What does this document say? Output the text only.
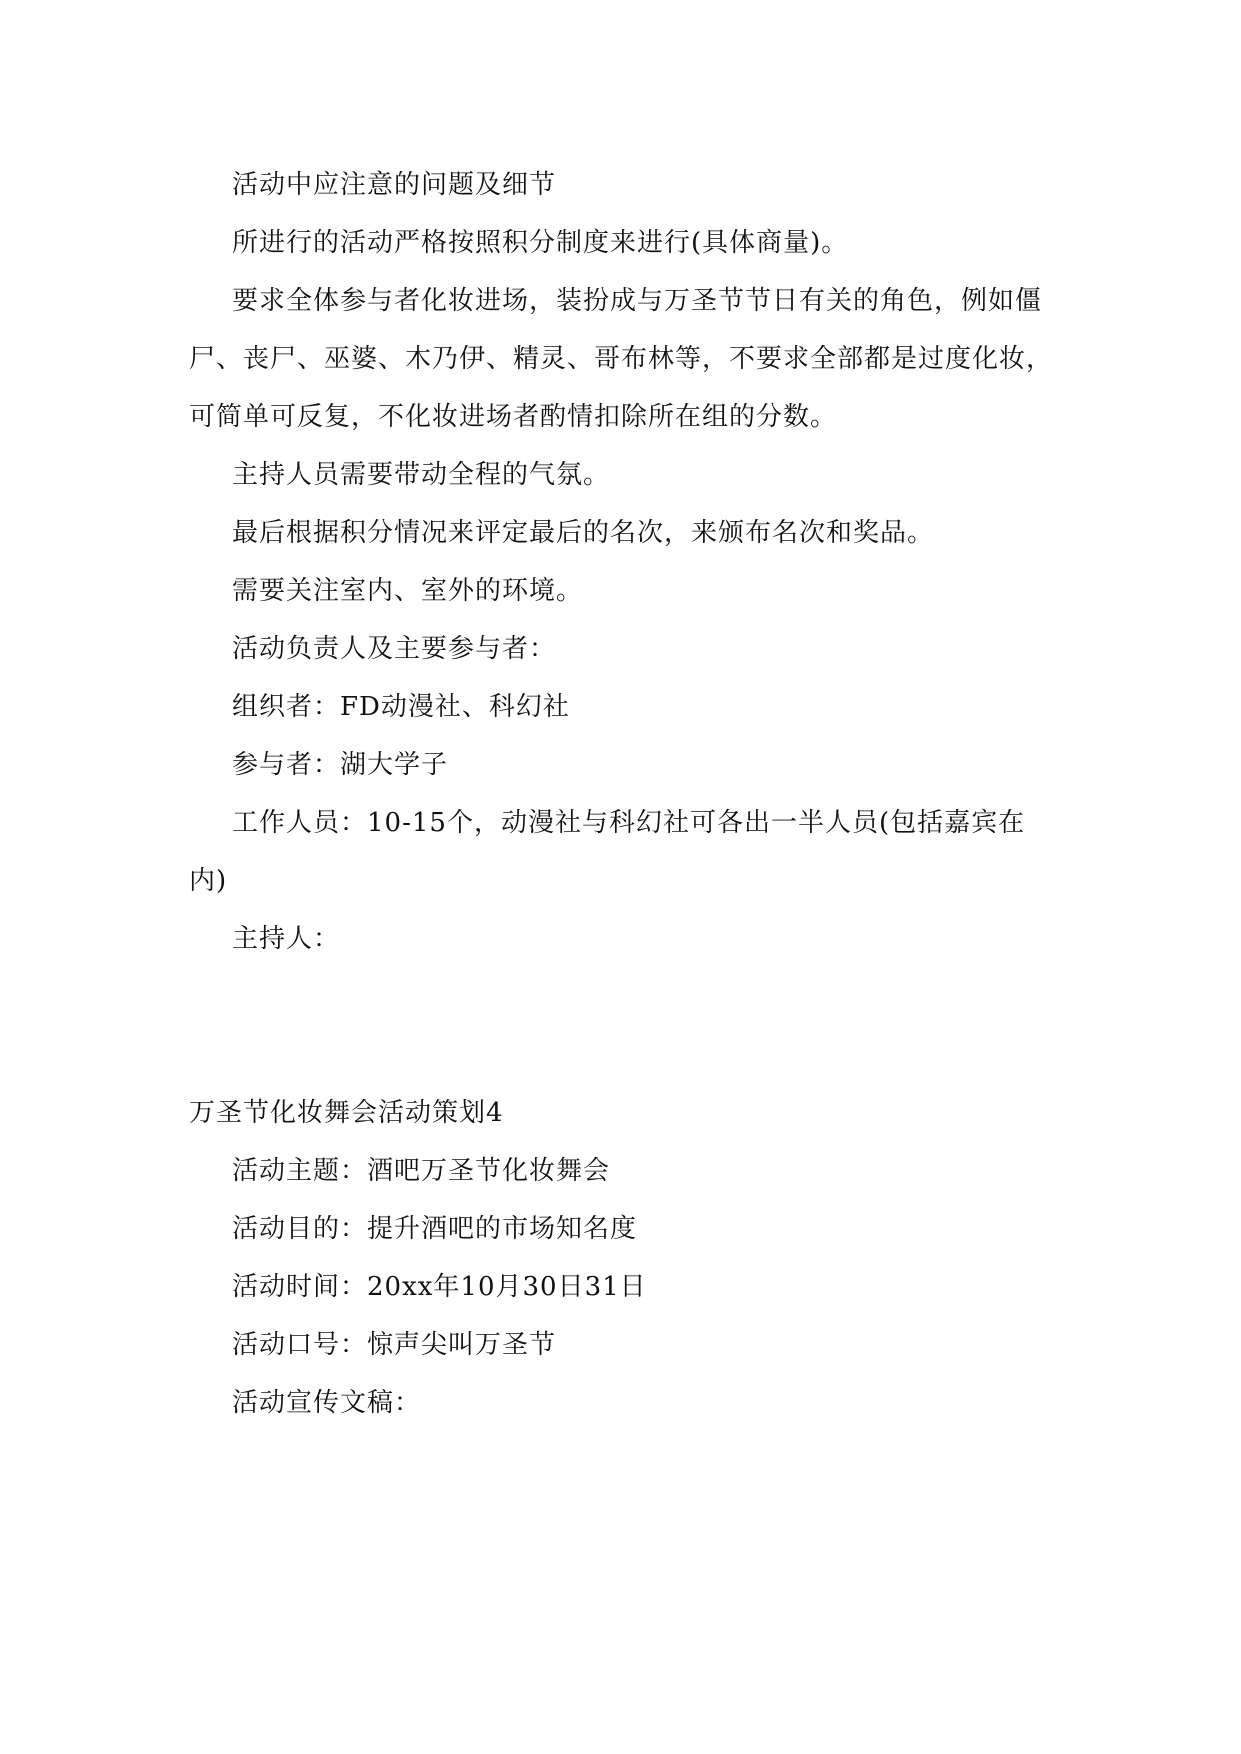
活动中应注意的问题及细节

所进行的活动严格按照积分制度来进行(具体商量)。

要求全体参与者化妆进场，装扮成与万圣节节日有关的角色，例如僵尸、丧尸、巫婆、木乃伊、精灵、哥布林等，不要求全部都是过度化妆，可简单可反复，不化妆进场者酌情扣除所在组的分数。

主持人员需要带动全程的气氛。

最后根据积分情况来评定最后的名次，来颁布名次和奖品。

需要关注室内、室外的环境。

活动负责人及主要参与者：

组织者：FD动漫社、科幻社

参与者：湖大学子

工作人员：10-15个，动漫社与科幻社可各出一半人员(包括嘉宾在内)

主持人：

万圣节化妆舞会活动策划4

活动主题：酒吧万圣节化妆舞会

活动目的：提升酒吧的市场知名度

活动时间：20xx年10月30日31日

活动口号：惊声尖叫万圣节

活动宣传文稿：
